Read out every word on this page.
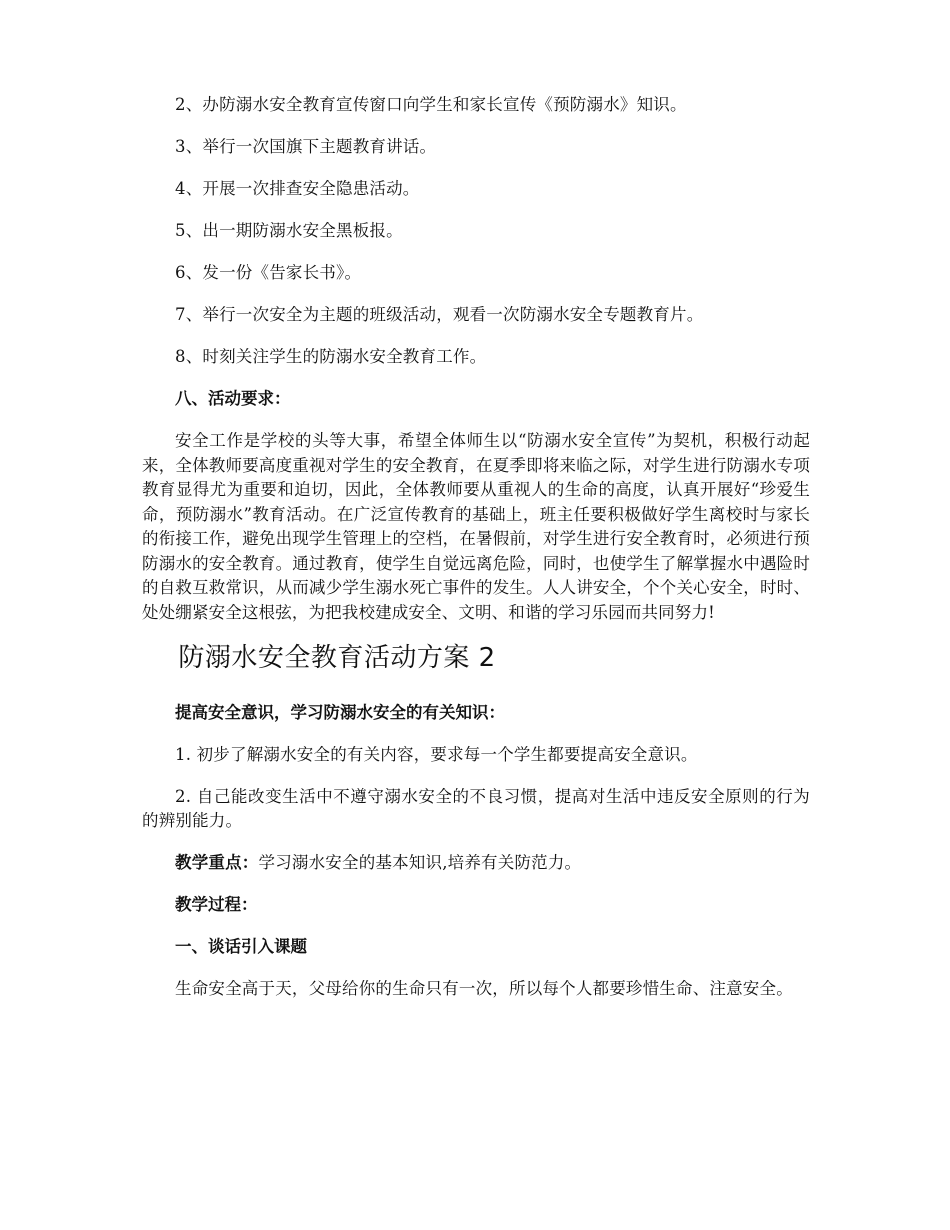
2、办防溺水安全教育宣传窗口向学生和家长宣传《预防溺水》知识。

3、举行一次国旗下主题教育讲话。

4、开展一次排查安全隐患活动。

5、出一期防溺水安全黑板报。

6、发一份《告家长书》。

7、举行一次安全为主题的班级活动，观看一次防溺水安全专题教育片。

8、时刻关注学生的防溺水安全教育工作。

八、活动要求：

安全工作是学校的头等大事，希望全体师生以“防溺水安全宣传”为契机，积极行动起来，全体教师要高度重视对学生的安全教育，在夏季即将来临之际，对学生进行防溺水专项教育显得尤为重要和迫切，因此，全体教师要从重视人的生命的高度，认真开展好“珍爱生命，预防溺水”教育活动。在广泛宣传教育的基础上，班主任要积极做好学生离校时与家长的衔接工作，避免出现学生管理上的空档，在暑假前，对学生进行安全教育时，必须进行预防溺水的安全教育。通过教育，使学生自觉远离危险，同时，也使学生了解掌握水中遇险时的自救互救常识，从而减少学生溺水死亡事件的发生。人人讲安全，个个关心安全，时时、处处绷紧安全这根弦，为把我校建成安全、文明、和谐的学习乐园而共同努力!

防溺水安全教育活动方案 2

提高安全意识，学习防溺水安全的有关知识：

1. 初步了解溺水安全的有关内容，要求每一个学生都要提高安全意识。

2. 自己能改变生活中不遵守溺水安全的不良习惯，提高对生活中违反安全原则的行为的辨别能力。

教学重点：学习溺水安全的基本知识,培养有关防范力。

教学过程：

一、谈话引入课题

生命安全高于天，父母给你的生命只有一次，所以每个人都要珍惜生命、注意安全。
